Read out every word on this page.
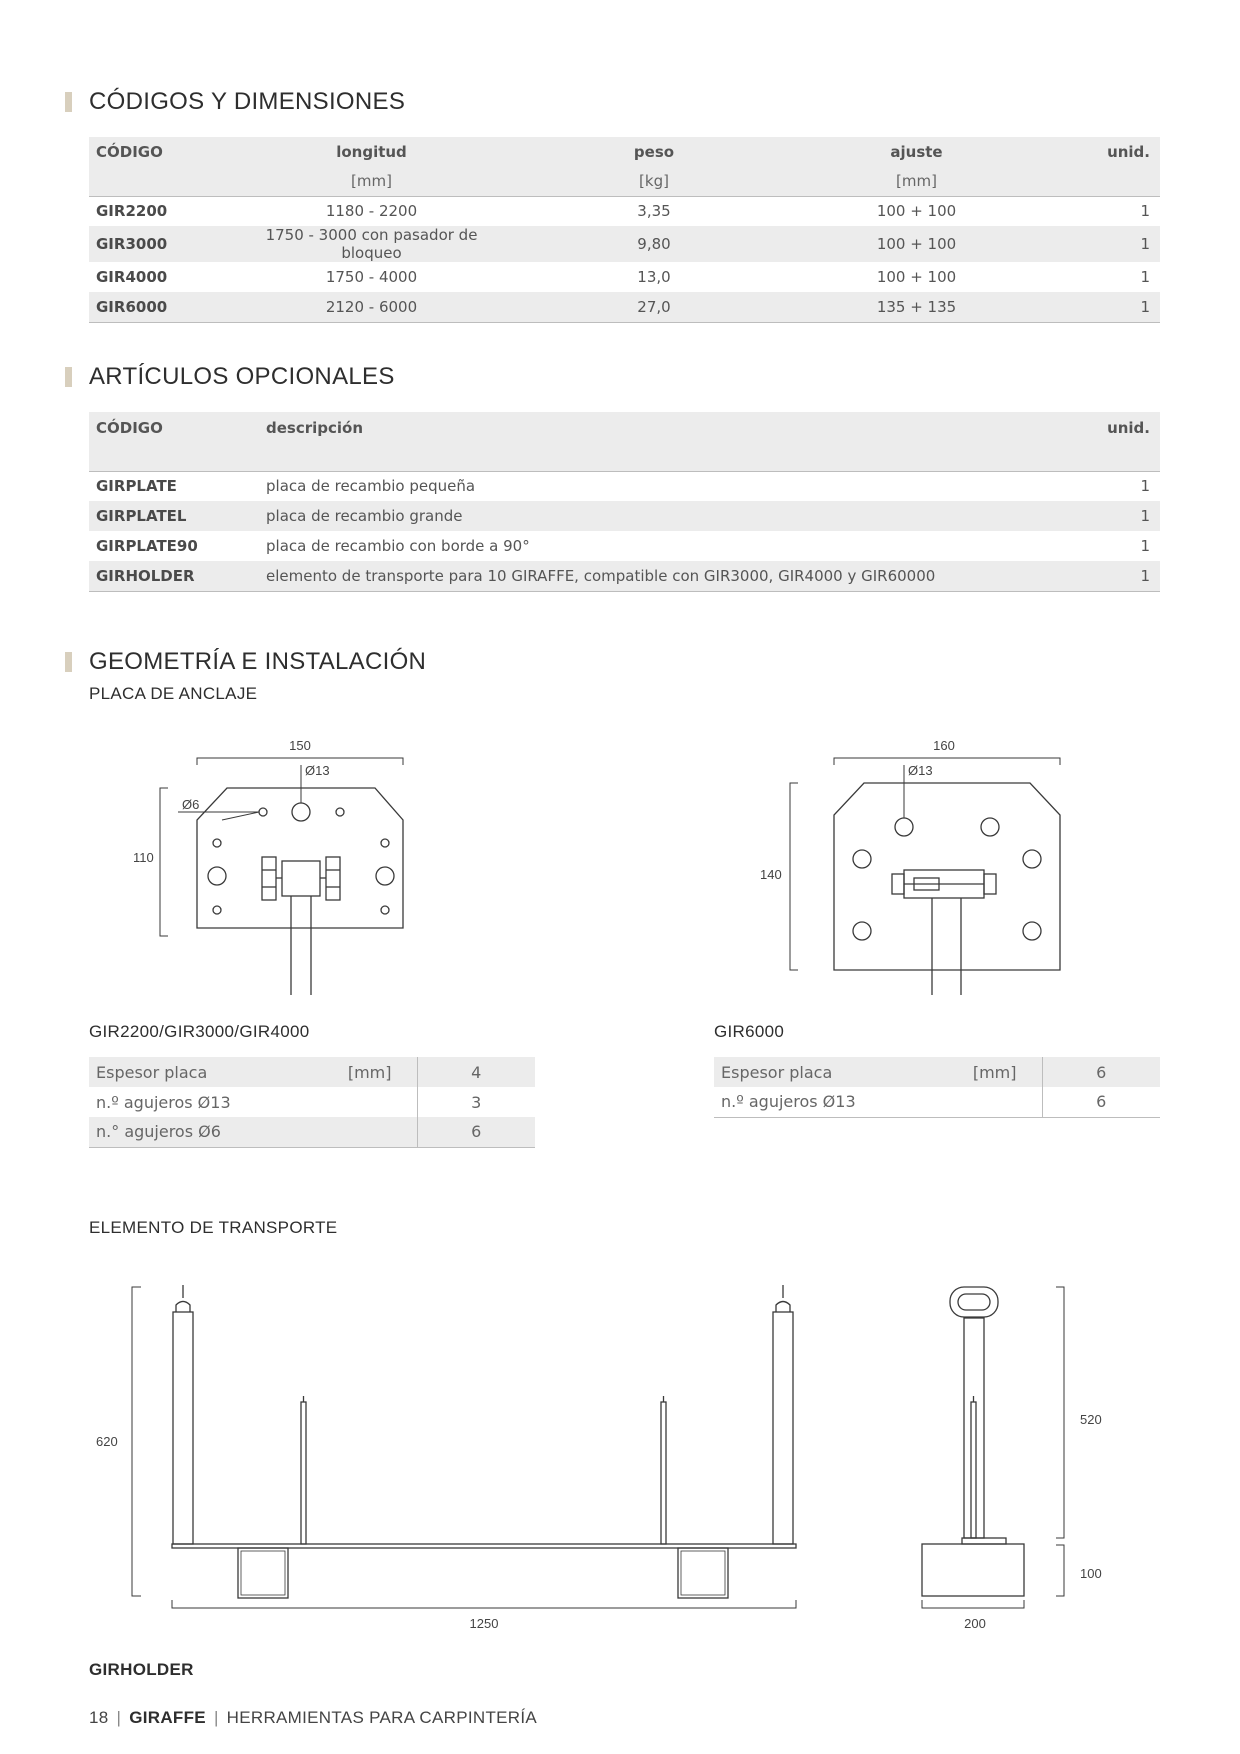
CÓDIGOS Y DIMENSIONES
CÓDIGO	longitud	peso	ajuste	unid.
	[mm]	[kg]	[mm]	
GIR2200	1180 - 2200	3,35	100 + 100	1
GIR3000	1750 - 3000 con pasador de bloqueo	9,80	100 + 100	1
GIR4000	1750 - 4000	13,0	100 + 100	1
GIR6000	2120 - 6000	27,0	135 + 135	1
ARTÍCULOS OPCIONALES
CÓDIGO	descripción	unid.
GIRPLATE	placa de recambio pequeña	1
GIRPLATEL	placa de recambio grande	1
GIRPLATE90	placa de recambio con borde a 90°	1
GIRHOLDER	elemento de transporte para 10 GIRAFFE, compatible con GIR3000, GIR4000 y GIR60000	1
GEOMETRÍA E INSTALACIÓN
PLACA DE ANCLAJE
150
Ø13
Ø6
110
160
Ø13
140
620
1250
520
100
200
GIR2200/GIR3000/GIR4000	GIR6000
Espesor placa	[mm]	4
n.º agujeros Ø13		3
n.° agujeros Ø6		6
Espesor placa	[mm]	6
n.º agujeros Ø13		6
ELEMENTO DE TRANSPORTE
GIRHOLDER
18 | GIRAFFE | HERRAMIENTAS PARA CARPINTERÍA
